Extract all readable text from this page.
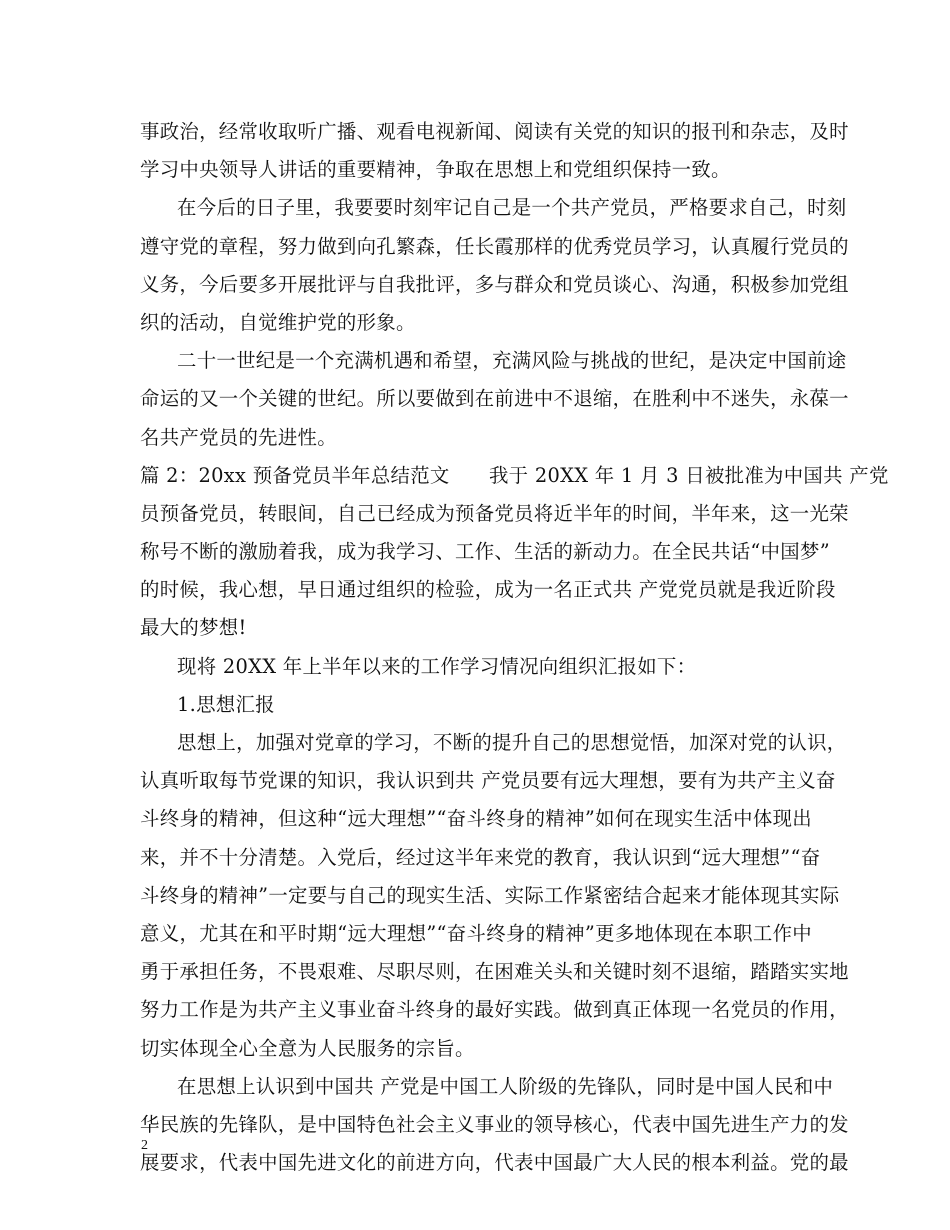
事政治，经常收取听广播、观看电视新闻、阅读有关党的知识的报刊和杂志，及时
学习中央领导人讲话的重要精神，争取在思想上和党组织保持一致。
在今后的日子里，我要要时刻牢记自己是一个共产党员，严格要求自己，时刻
遵守党的章程，努力做到向孔繁森，任长霞那样的优秀党员学习，认真履行党员的
义务，今后要多开展批评与自我批评，多与群众和党员谈心、沟通，积极参加党组
织的活动，自觉维护党的形象。
二十一世纪是一个充满机遇和希望，充满风险与挑战的世纪，是决定中国前途
命运的又一个关键的世纪。所以要做到在前进中不退缩，在胜利中不迷失，永葆一
名共产党员的先进性。
篇 2：20xx 预备党员半年总结范文　　我于 20XX 年 1 月 3 日被批准为中国共 产党
员预备党员，转眼间，自己已经成为预备党员将近半年的时间，半年来，这一光荣
称号不断的激励着我，成为我学习、工作、生活的新动力。在全民共话“中国梦”
的时候，我心想，早日通过组织的检验，成为一名正式共 产党党员就是我近阶段
最大的梦想!
现将 20XX 年上半年以来的工作学习情况向组织汇报如下：
1.思想汇报
思想上，加强对党章的学习，不断的提升自己的思想觉悟，加深对党的认识，
认真听取每节党课的知识，我认识到共 产党员要有远大理想，要有为共产主义奋
斗终身的精神，但这种“远大理想”“奋斗终身的精神”如何在现实生活中体现出
来，并不十分清楚。入党后，经过这半年来党的教育，我认识到“远大理想”“奋
斗终身的精神”一定要与自己的现实生活、实际工作紧密结合起来才能体现其实际
意义，尤其在和平时期“远大理想”“奋斗终身的精神”更多地体现在本职工作中
勇于承担任务，不畏艰难、尽职尽则，在困难关头和关键时刻不退缩，踏踏实实地
努力工作是为共产主义事业奋斗终身的最好实践。做到真正体现一名党员的作用，
切实体现全心全意为人民服务的宗旨。
在思想上认识到中国共 产党是中国工人阶级的先锋队，同时是中国人民和中
华民族的先锋队，是中国特色社会主义事业的领导核心，代表中国先进生产力的发
展要求，代表中国先进文化的前进方向，代表中国最广大人民的根本利益。党的最
2
